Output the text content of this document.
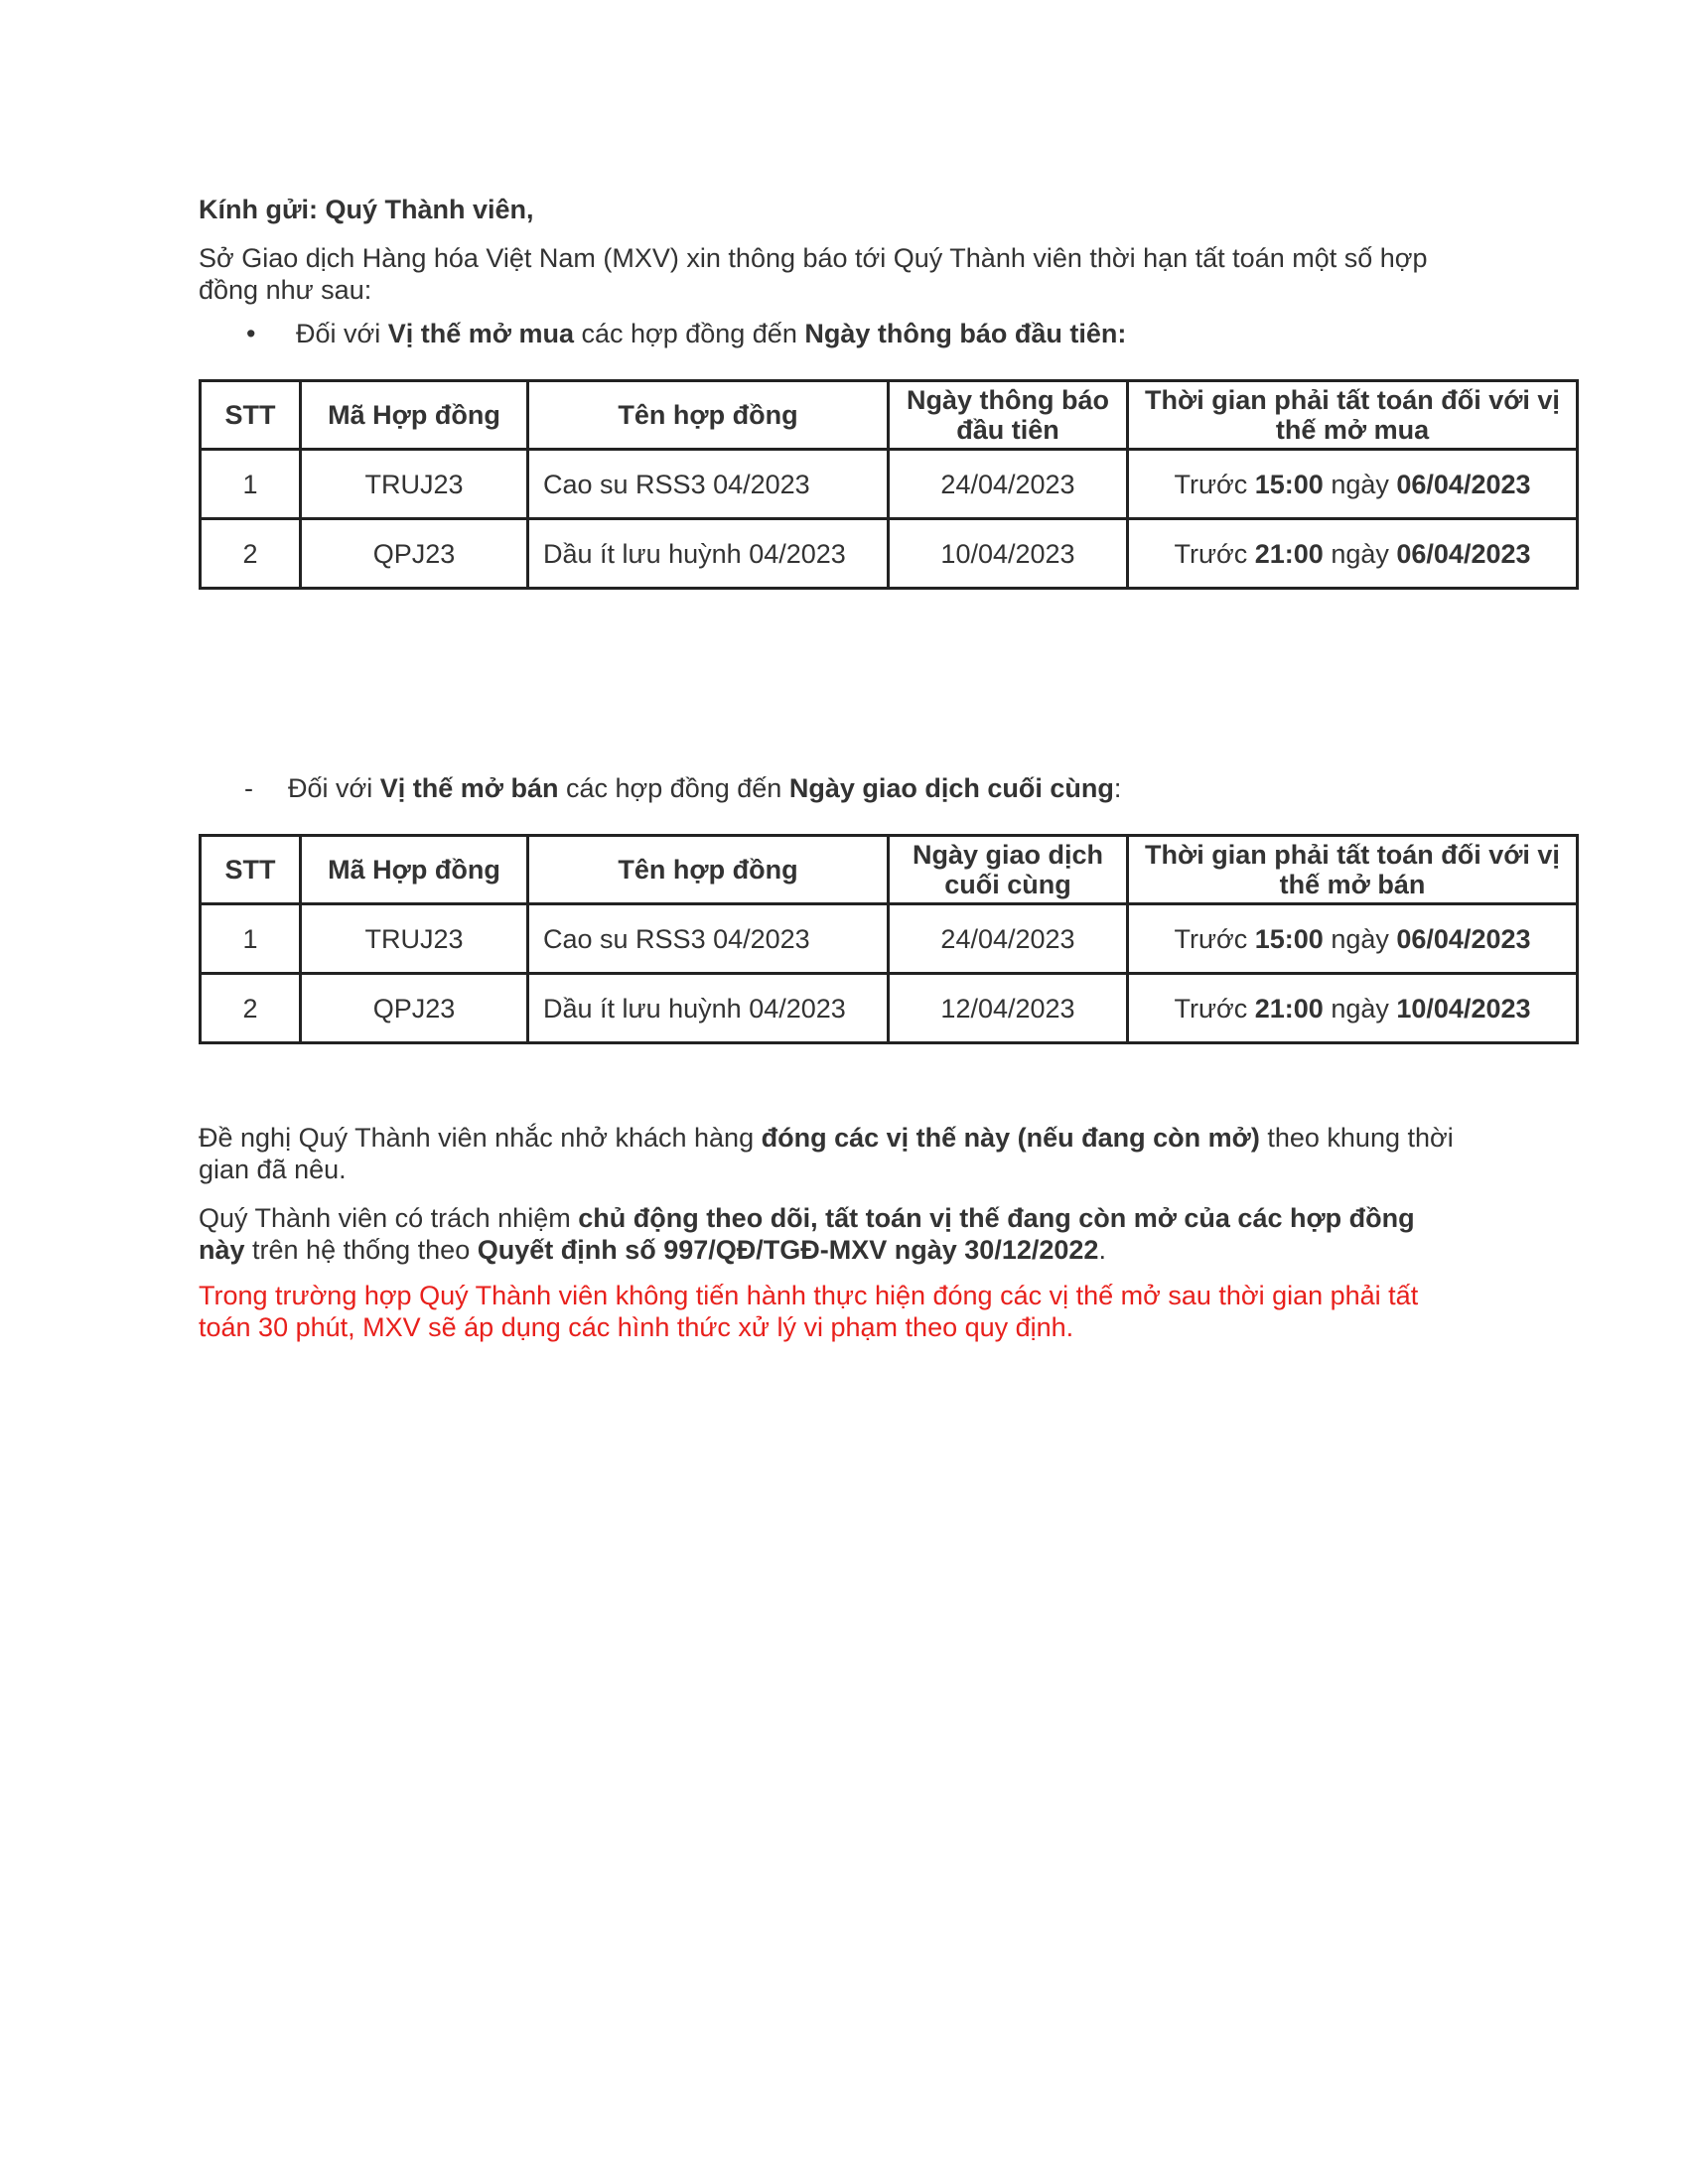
Kính gửi: Quý Thành viên,

Sở Giao dịch Hàng hóa Việt Nam (MXV) xin thông báo tới Quý Thành viên thời hạn tất toán một số hợp đồng như sau:

•	Đối với Vị thế mở mua các hợp đồng đến Ngày thông báo đầu tiên:
STT	Mã Hợp đồng	Tên hợp đồng	Ngày thông báo đầu tiên	Thời gian phải tất toán đối với vị thế mở mua
1	TRUJ23	Cao su RSS3 04/2023	24/04/2023	Trước 15:00 ngày 06/04/2023
2	QPJ23	Dầu ít lưu huỳnh 04/2023	10/04/2023	Trước 21:00 ngày 06/04/2023
-	Đối với Vị thế mở bán các hợp đồng đến Ngày giao dịch cuối cùng:
STT	Mã Hợp đồng	Tên hợp đồng	Ngày giao dịch cuối cùng	Thời gian phải tất toán đối với vị thế mở bán
1	TRUJ23	Cao su RSS3 04/2023	24/04/2023	Trước 15:00 ngày 06/04/2023
2	QPJ23	Dầu ít lưu huỳnh 04/2023	12/04/2023	Trước 21:00 ngày 10/04/2023

Đề nghị Quý Thành viên nhắc nhở khách hàng đóng các vị thế này (nếu đang còn mở) theo khung thời gian đã nêu.

Quý Thành viên có trách nhiệm chủ động theo dõi, tất toán vị thế đang còn mở của các hợp đồng này trên hệ thống theo Quyết định số 997/QĐ/TGĐ-MXV ngày 30/12/2022.

Trong trường hợp Quý Thành viên không tiến hành thực hiện đóng các vị thế mở sau thời gian phải tất toán 30 phút, MXV sẽ áp dụng các hình thức xử lý vi phạm theo quy định.
